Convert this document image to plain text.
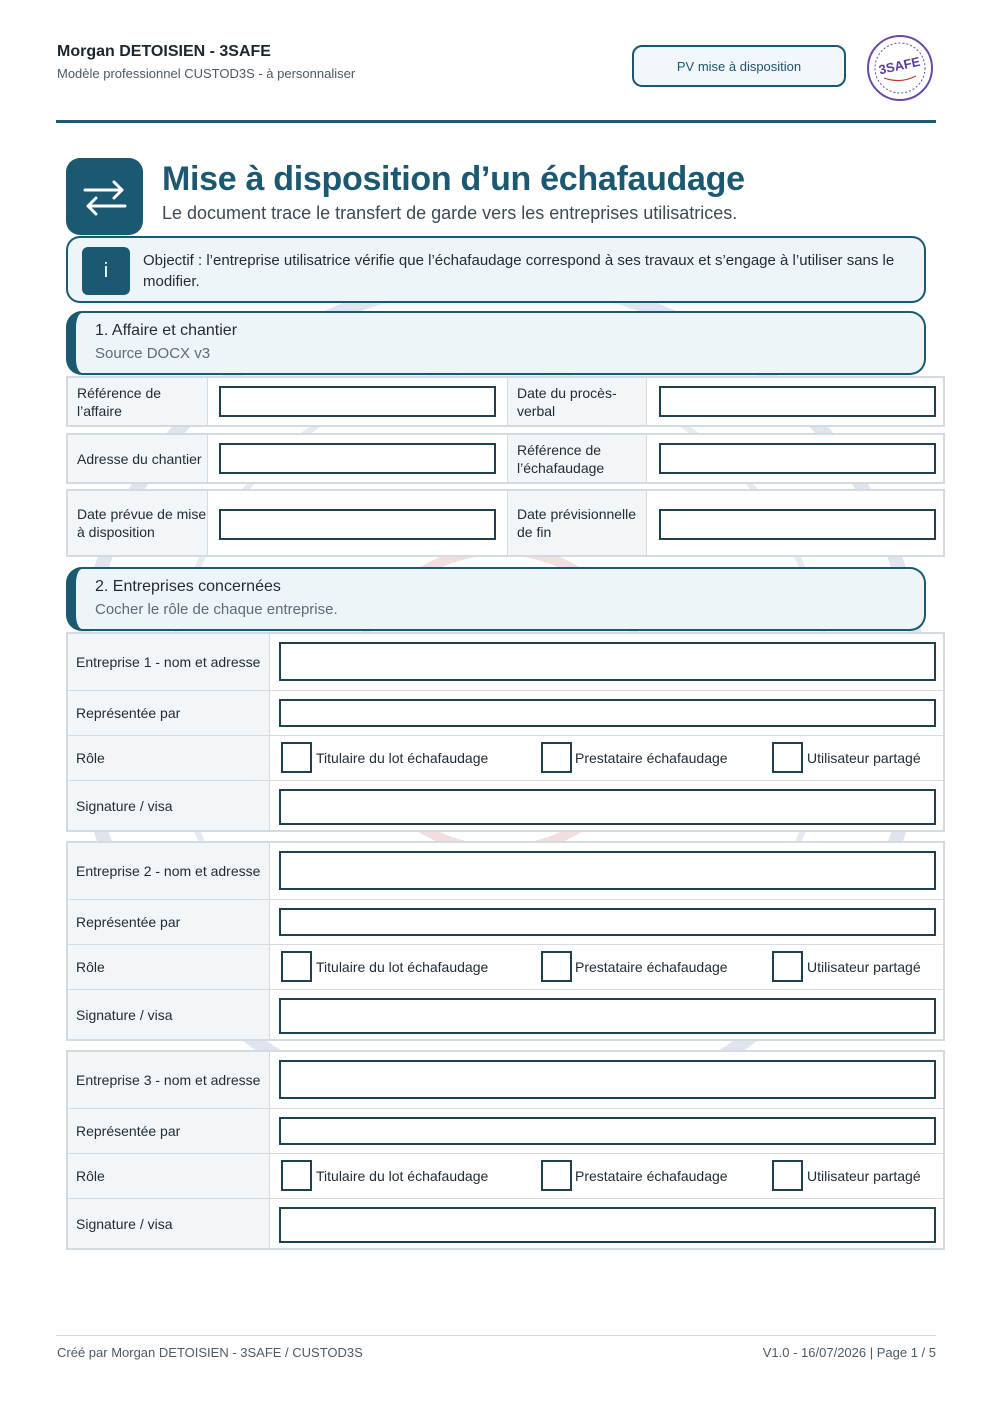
Morgan DETOISIEN - 3SAFE
Modèle professionnel CUSTOD3S - à personnaliser	PV mise à disposition	3SAFE
Mise à disposition d’un échafaudage
Le document trace le transfert de garde vers les entreprises utilisatrices.
i	Objectif : l’entreprise utilisatrice vérifie que l’échafaudage correspond à ses travaux et s’engage à l’utiliser sans le modifier.
1. Affaire et chantier
Source DOCX v3
Référence de l’affaire
Date du procès-verbal
Adresse du chantier
Référence de l’échafaudage
Date prévue de mise à disposition
Date prévisionnelle de fin
2. Entreprises concernées
Cocher le rôle de chaque entreprise.
Entreprise 1 - nom et adresse
Représentée par
Rôle	Titulaire du lot échafaudage	Prestataire échafaudage	Utilisateur partagé
Signature / visa
Entreprise 2 - nom et adresse
Représentée par
Rôle	Titulaire du lot échafaudage	Prestataire échafaudage	Utilisateur partagé
Signature / visa
Entreprise 3 - nom et adresse
Représentée par
Rôle	Titulaire du lot échafaudage	Prestataire échafaudage	Utilisateur partagé
Signature / visa
Créé par Morgan DETOISIEN - 3SAFE / CUSTOD3S	V1.0 - 16/07/2026 | Page 1 / 5
